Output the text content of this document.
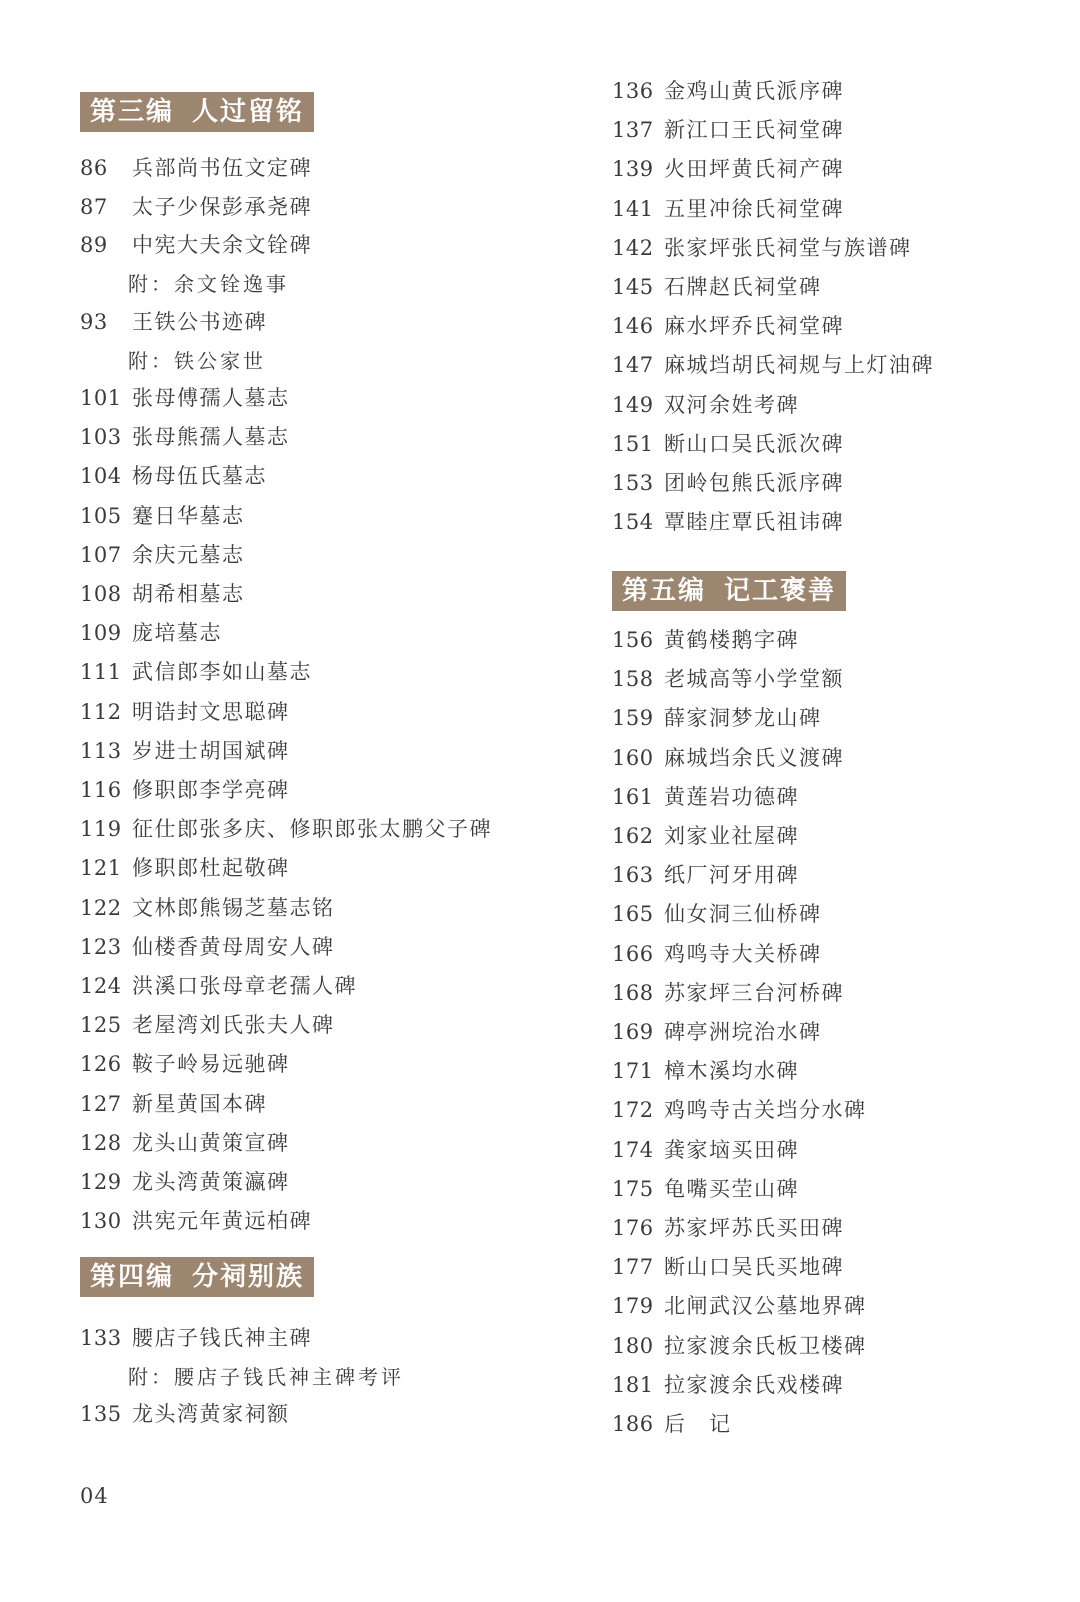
第三编 人过留铭
86 兵部尚书伍文定碑
87 太子少保彭承尧碑
89 中宪大夫余文铨碑
附：余文铨逸事
93 王铁公书迹碑
附：铁公家世
101 张母傅孺人墓志
103 张母熊孺人墓志
104 杨母伍氏墓志
105 蹇日华墓志
107 余庆元墓志
108 胡希相墓志
109 庞培墓志
111 武信郎李如山墓志
112 明诰封文思聪碑
113 岁进士胡国斌碑
116 修职郎李学亮碑
119 征仕郎张多庆、修职郎张太鹏父子碑
121 修职郎杜起敬碑
122 文林郎熊锡芝墓志铭
123 仙楼香黄母周安人碑
124 洪溪口张母章老孺人碑
125 老屋湾刘氏张夫人碑
126 鞍子岭易远驰碑
127 新星黄国本碑
128 龙头山黄策宣碑
129 龙头湾黄策瀛碑
130 洪宪元年黄远柏碑
第四编 分祠别族
133 腰店子钱氏神主碑
附：腰店子钱氏神主碑考评
135 龙头湾黄家祠额
136 金鸡山黄氏派序碑
137 新江口王氏祠堂碑
139 火田坪黄氏祠产碑
141 五里冲徐氏祠堂碑
142 张家坪张氏祠堂与族谱碑
145 石牌赵氏祠堂碑
146 麻水坪乔氏祠堂碑
147 麻城垱胡氏祠规与上灯油碑
149 双河余姓考碑
151 断山口吴氏派次碑
153 团岭包熊氏派序碑
154 覃睦庄覃氏祖讳碑
第五编 记工褒善
156 黄鹤楼鹅字碑
158 老城高等小学堂额
159 薛家洞梦龙山碑
160 麻城垱余氏义渡碑
161 黄莲岩功德碑
162 刘家业社屋碑
163 纸厂河牙用碑
165 仙女洞三仙桥碑
166 鸡鸣寺大关桥碑
168 苏家坪三台河桥碑
169 碑亭洲垸治水碑
171 樟木溪均水碑
172 鸡鸣寺古关垱分水碑
174 龚家垴买田碑
175 龟嘴买茔山碑
176 苏家坪苏氏买田碑
177 断山口吴氏买地碑
179 北闸武汉公墓地界碑
180 拉家渡余氏板卫楼碑
181 拉家渡余氏戏楼碑
186 后　记
04
